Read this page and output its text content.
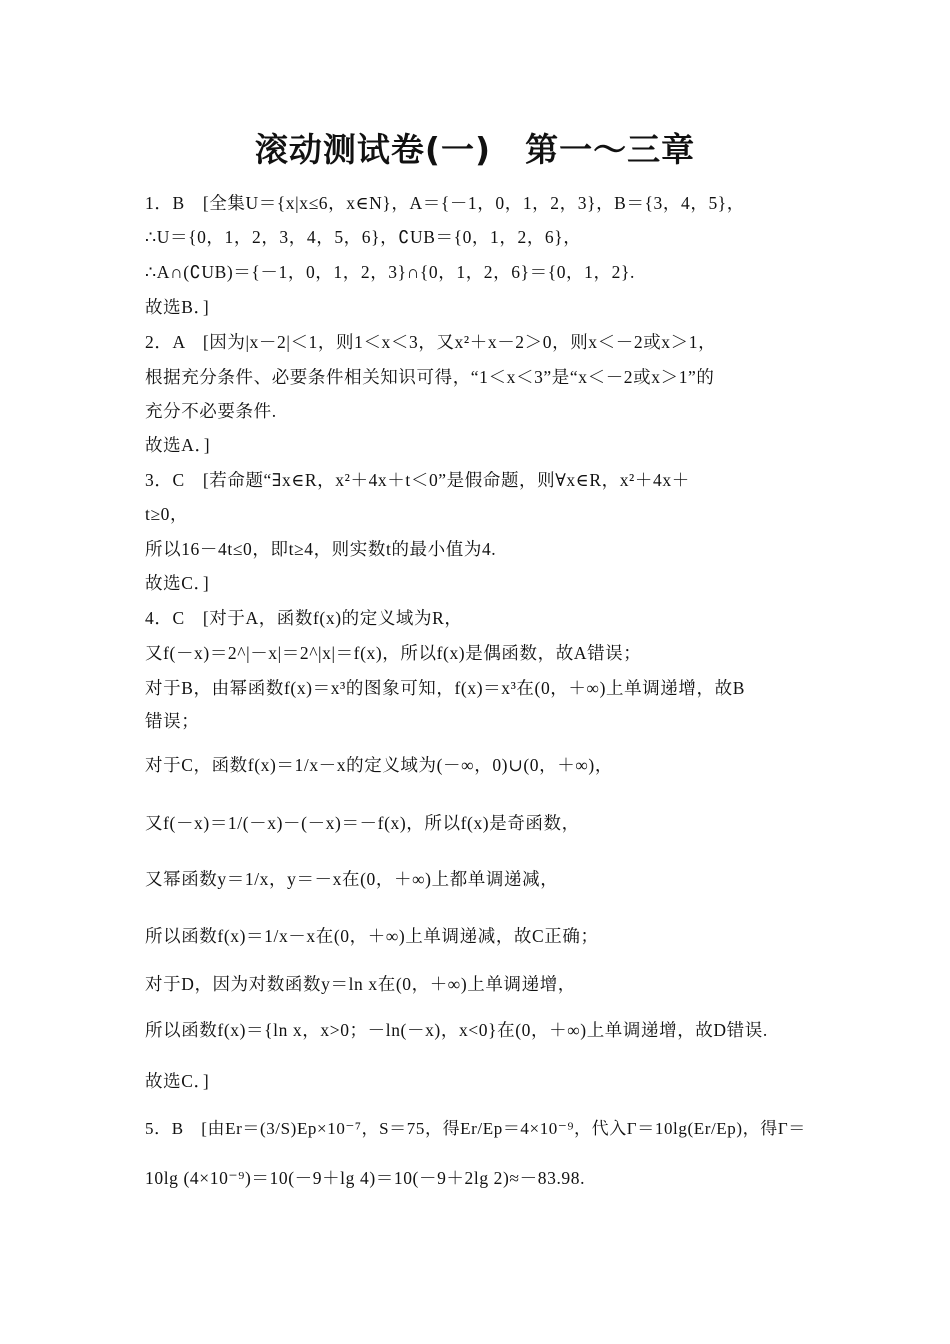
滚动测试卷(一)　第一～三章

1．B　[全集U＝{x|x≤6，x∈N}，A＝{－1，0，1，2，3}，B＝{3，4，5}，

∴U＝{0，1，2，3，4，5，6}，∁UB＝{0，1，2，6}，

∴A∩(∁UB)＝{－1，0，1，2，3}∩{0，1，2，6}＝{0，1，2}.

故选B．]

2．A　[因为|x－2|＜1，则1＜x＜3，又x²＋x－2＞0，则x＜－2或x＞1，

根据充分条件、必要条件相关知识可得，“1＜x＜3”是“x＜－2或x＞1”的

充分不必要条件.

故选A．]

3．C　[若命题“∃x∈R，x²＋4x＋t＜0”是假命题，则∀x∈R，x²＋4x＋

t≥0，

所以16－4t≤0，即t≥4，则实数t的最小值为4.

故选C．]

4．C　[对于A，函数f(x)的定义域为R，

又f(－x)＝2^|－x|＝2^|x|＝f(x)，所以f(x)是偶函数，故A错误；

对于B，由幂函数f(x)＝x³的图象可知，f(x)＝x³在(0，＋∞)上单调递增，故B

错误；

对于C，函数f(x)＝1/x－x的定义域为(－∞，0)∪(0，＋∞)，

又f(－x)＝1/(－x)－(－x)＝－f(x)，所以f(x)是奇函数，

又幂函数y＝1/x，y＝－x在(0，＋∞)上都单调递减，

所以函数f(x)＝1/x－x在(0，＋∞)上单调递减，故C正确；

对于D，因为对数函数y＝ln x在(0，＋∞)上单调递增，

所以函数f(x)＝{ln x，x>0；－ln(－x)，x<0}在(0，＋∞)上单调递增，故D错误.

故选C．]

5．B　[由Er＝(3/S)Ep×10⁻⁷，S＝75，得Er/Ep＝4×10⁻⁹，代入Γ＝10lg(Er/Ep)，得Γ＝

10lg (4×10⁻⁹)＝10(－9＋lg 4)＝10(－9＋2lg 2)≈－83.98.
